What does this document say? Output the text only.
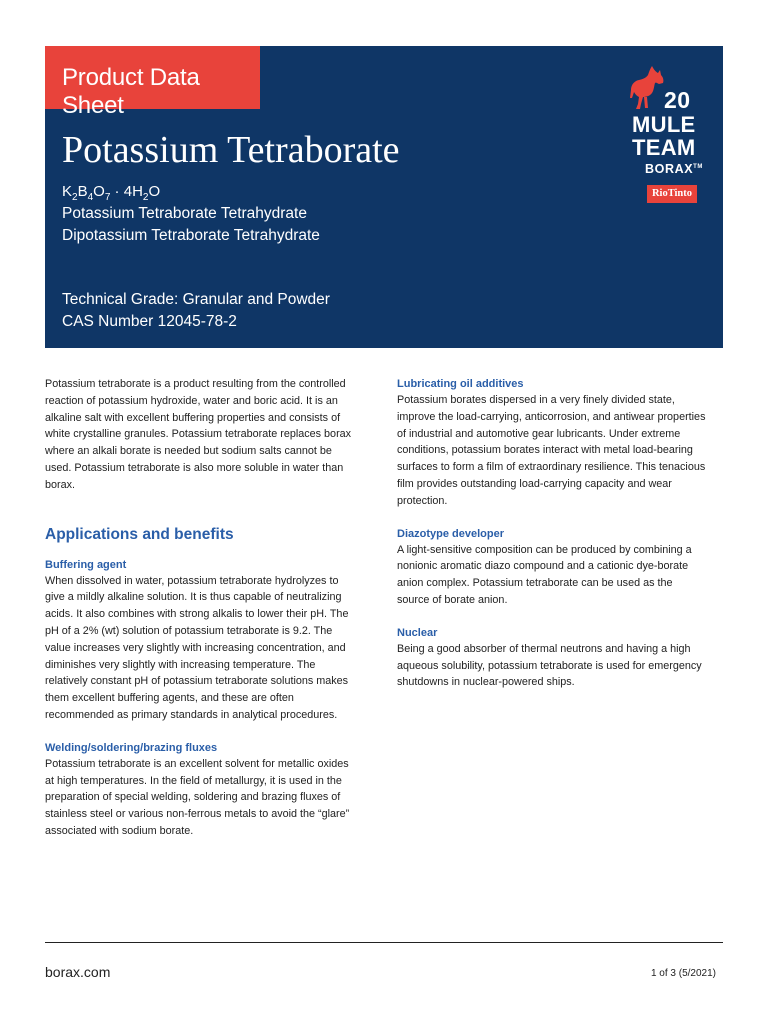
Product Data Sheet
Potassium Tetraborate
$K_2B_4O_7 \cdot 4H_2O$
Potassium Tetraborate Tetrahydrate
Dipotassium Tetraborate Tetrahydrate
Technical Grade: Granular and Powder
CAS Number 12045-78-2
20
MULE
TEAM
BORAX™
RioTinto

Potassium tetraborate is a product resulting from the controlled reaction of potassium hydroxide, water and boric acid. It is an alkaline salt with excellent buffering properties and consists of white crystalline granules. Potassium tetraborate replaces borax where an alkali borate is needed but sodium salts cannot be used. Potassium tetraborate is also more soluble in water than borax.

Applications and benefits
Buffering agent

When dissolved in water, potassium tetraborate hydrolyzes to give a mildly alkaline solution. It is thus capable of neutralizing acids. It also combines with strong alkalis to lower their pH. The pH of a 2% (wt) solution of potassium tetraborate is 9.2. The value increases very slightly with increasing concentration, and diminishes very slightly with increasing temperature. The relatively constant pH of potassium tetraborate solutions makes them excellent buffering agents, and these are often recommended as primary standards in analytical procedures.

Welding/soldering/brazing fluxes

Potassium tetraborate is an excellent solvent for metallic oxides at high temperatures. In the field of metallurgy, it is used in the preparation of special welding, soldering and brazing fluxes of stainless steel or various non-ferrous metals to avoid the “glare” associated with sodium borate.

Lubricating oil additives

Potassium borates dispersed in a very finely divided state, improve the load-carrying, anticorrosion, and antiwear properties of industrial and automotive gear lubricants. Under extreme conditions, potassium borates interact with metal load-bearing surfaces to form a film of extraordinary resilience. This tenacious film provides outstanding load-carrying capacity and wear protection.

Diazotype developer

A light-sensitive composition can be produced by combining a nonionic aromatic diazo compound and a cationic dye-borate anion complex. Potassium tetraborate can be used as the source of borate anion.

Nuclear

Being a good absorber of thermal neutrons and having a high aqueous solubility, potassium tetraborate is used for emergency shutdowns in nuclear-powered ships.

borax.com	1 of 3 (5/2021)
